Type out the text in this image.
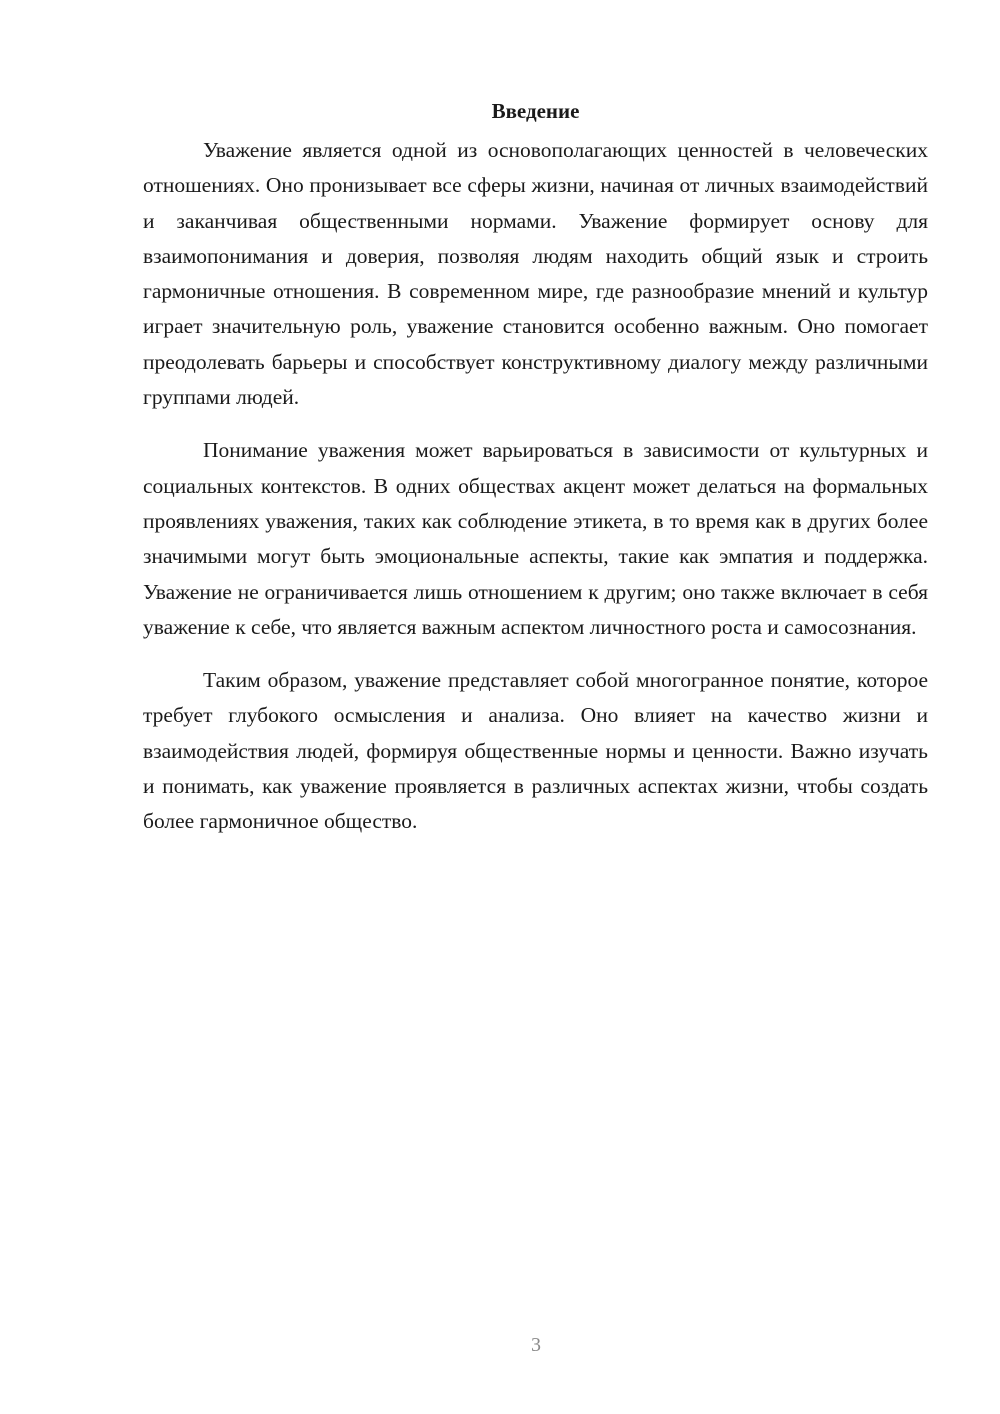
Введение

Уважение является одной из основополагающих ценностей в человеческих отношениях. Оно пронизывает все сферы жизни, начиная от личных взаимодействий и заканчивая общественными нормами. Уважение формирует основу для взаимопонимания и доверия, позволяя людям находить общий язык и строить гармоничные отношения. В современном мире, где разнообразие мнений и культур играет значительную роль, уважение становится особенно важным. Оно помогает преодолевать барьеры и способствует конструктивному диалогу между различными группами людей.

Понимание уважения может варьироваться в зависимости от культурных и социальных контекстов. В одних обществах акцент может делаться на формальных проявлениях уважения, таких как соблюдение этикета, в то время как в других более значимыми могут быть эмоциональные аспекты, такие как эмпатия и поддержка. Уважение не ограничивается лишь отношением к другим; оно также включает в себя уважение к себе, что является важным аспектом личностного роста и самосознания.

Таким образом, уважение представляет собой многогранное понятие, которое требует глубокого осмысления и анализа. Оно влияет на качество жизни и взаимодействия людей, формируя общественные нормы и ценности. Важно изучать и понимать, как уважение проявляется в различных аспектах жизни, чтобы создать более гармоничное общество.

3
